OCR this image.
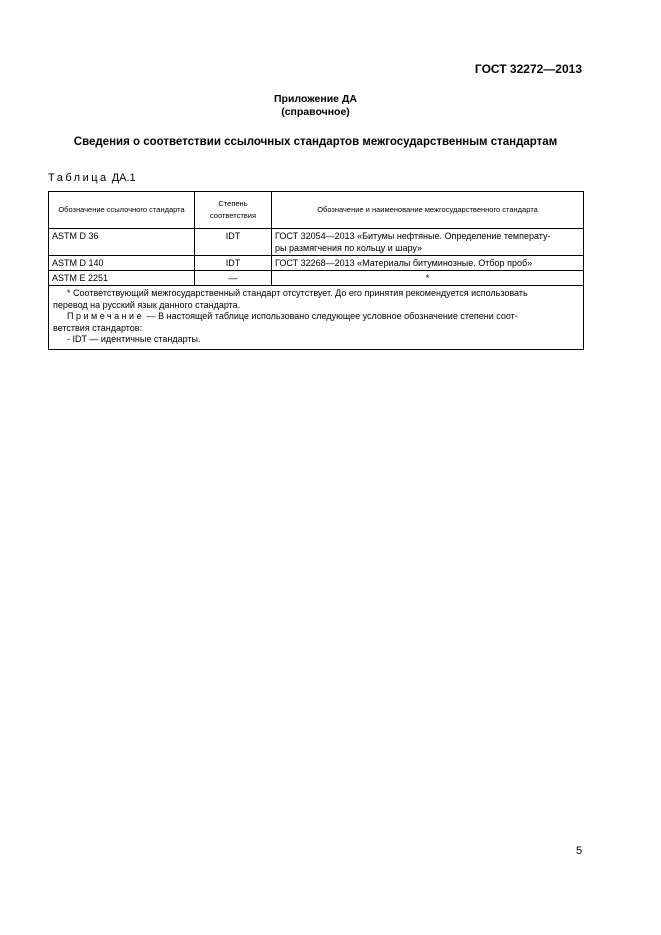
ГОСТ 32272—2013
Приложение ДА
(справочное)
Сведения о соответствии ссылочных стандартов межгосударственным стандартам
Таблица ДА.1
Обозначение ссылочного стандарта	Степень соответствия	Обозначение и наименование межгосударственного стандарта
ASTM D 36	IDT	ГОСТ 32054—2013 «Битумы нефтяные. Определение температу-
ры размягчения по кольцу и шару»

ASTM D 140	IDT	ГОСТ 32268—2013 «Материалы битуминозные. Отбор проб»
ASTM E 2251	—	*

* Соответствующий межгосударственный стандарт отсутствует. До его принятия рекомендуется использовать
перевод на русский язык данного стандарта.
Примечание — В настоящей таблице использовано следующее условное обозначение степени соот-
ветствия стандартов:
- IDT — идентичные стандарты.		
5
